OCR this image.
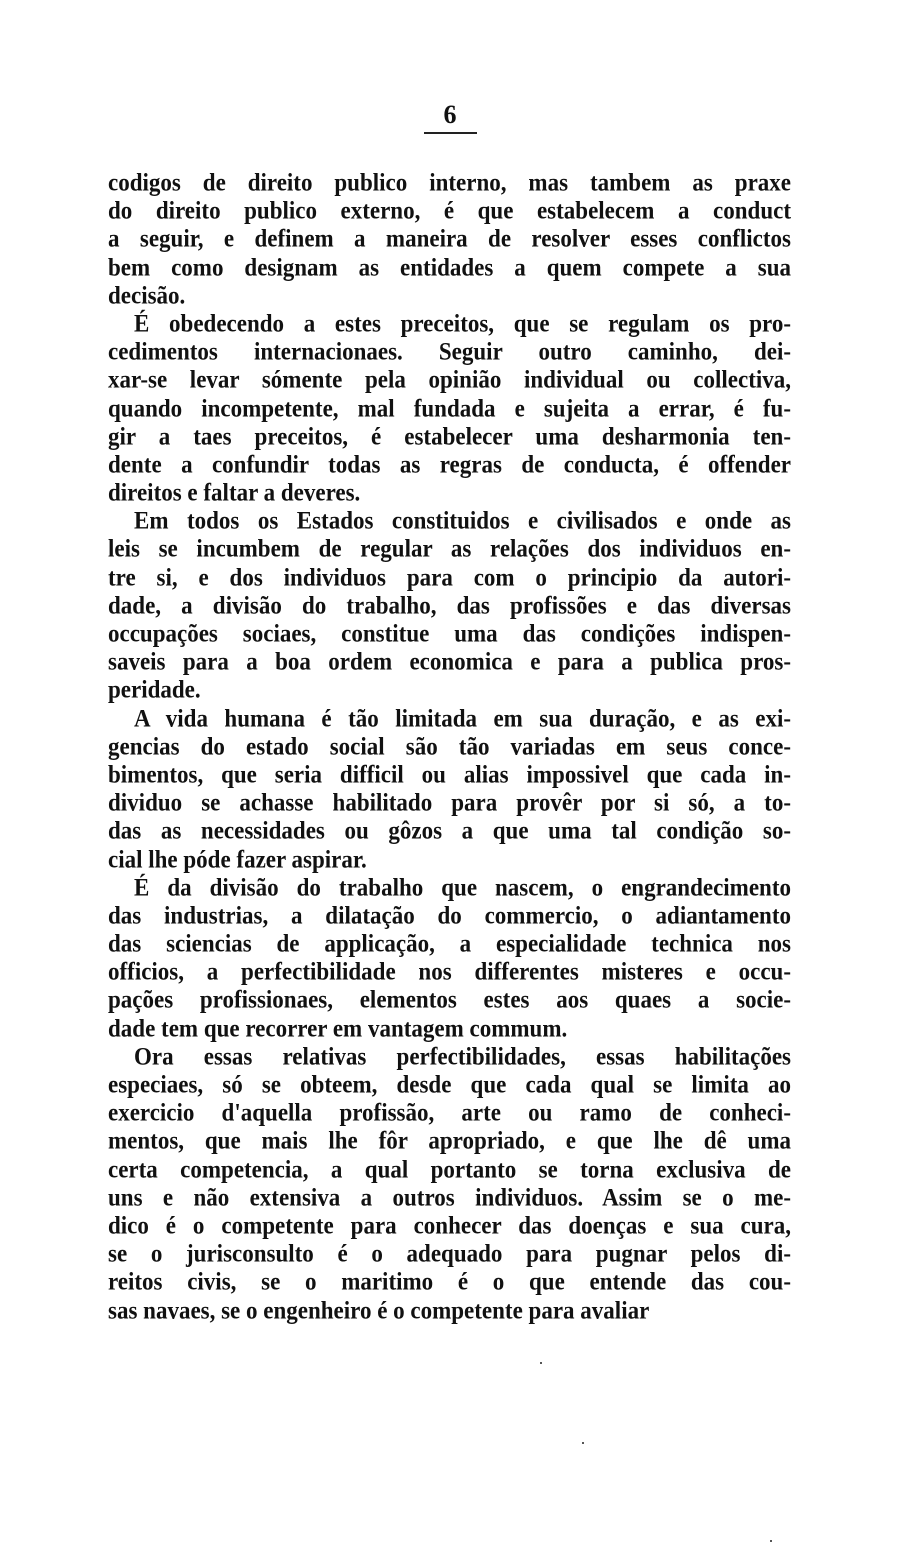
6
codigos de direito publico interno, mas tambem as praxe
do direito publico externo, é que estabelecem a conduct
a seguir, e definem a maneira de resolver esses conflictos
bem como designam as entidades a quem compete a sua
decisão.
É obedecendo a estes preceitos, que se regulam os pro-
cedimentos internacionaes. Seguir outro caminho, dei-
xar-se levar sómente pela opinião individual ou collectiva,
quando incompetente, mal fundada e sujeita a errar, é fu-
gir a taes preceitos, é estabelecer uma desharmonia ten-
dente a confundir todas as regras de conducta, é offender
direitos e faltar a deveres.
Em todos os Estados constituidos e civilisados e onde as
leis se incumbem de regular as relações dos individuos en-
tre si, e dos individuos para com o principio da autori-
dade, a divisão do trabalho, das profissões e das diversas
occupações sociaes, constitue uma das condições indispen-
saveis para a boa ordem economica e para a publica pros-
peridade.
A vida humana é tão limitada em sua duração, e as exi-
gencias do estado social são tão variadas em seus conce-
bimentos, que seria difficil ou alias impossivel que cada in-
dividuo se achasse habilitado para provêr por si só, a to-
das as necessidades ou gôzos a que uma tal condição so-
cial lhe póde fazer aspirar.
É da divisão do trabalho que nascem, o engrandecimento
das industrias, a dilatação do commercio, o adiantamento
das sciencias de applicação, a especialidade technica nos
officios, a perfectibilidade nos differentes misteres e occu-
pações profissionaes, elementos estes aos quaes a socie-
dade tem que recorrer em vantagem commum.
Ora essas relativas perfectibilidades, essas habilitações
especiaes, só se obteem, desde que cada qual se limita ao
exercicio d'aquella profissão, arte ou ramo de conheci-
mentos, que mais lhe fôr apropriado, e que lhe dê uma
certa competencia, a qual portanto se torna exclusiva de
uns e não extensiva a outros individuos. Assim se o me-
dico é o competente para conhecer das doenças e sua cura,
se o jurisconsulto é o adequado para pugnar pelos di-
reitos civis, se o maritimo é o que entende das cou-
sas navaes, se o engenheiro é o competente para avaliar
